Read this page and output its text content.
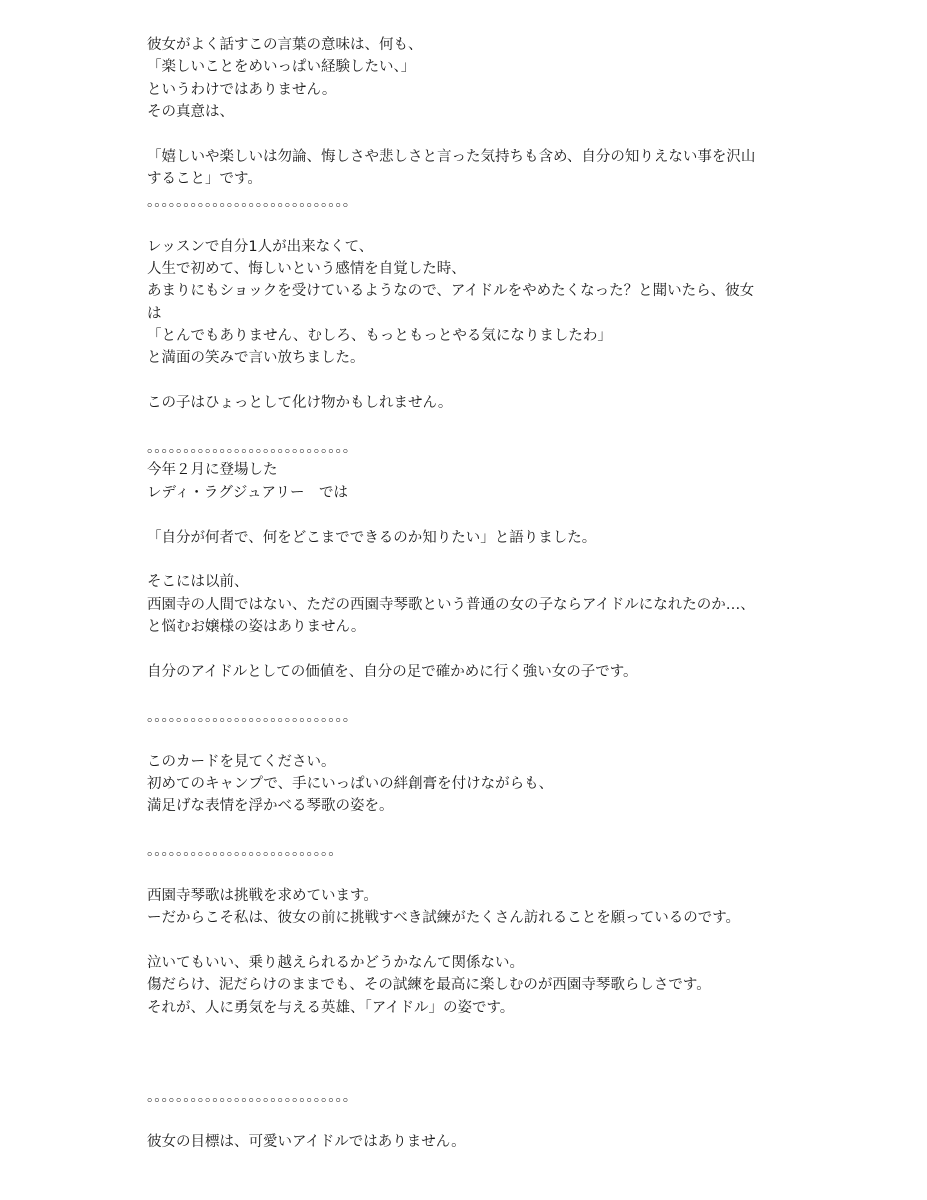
彼女がよく話すこの言葉の意味は、何も、
「楽しいことをめいっぱい経験したい、」
というわけではありません。
その真意は、
「嬉しいや楽しいは勿論、悔しさや悲しさと言った気持ちも含め、自分の知りえない事を沢山
すること」です。
。。。。。。。。。。。。。。。。。。。。。。。。。。。。
レッスンで自分1人が出来なくて、
人生で初めて、悔しいという感情を自覚した時、
あまりにもショックを受けているようなので、アイドルをやめたくなった？と聞いたら、彼女
は
「とんでもありません、むしろ、もっともっとやる気になりましたわ」
と満面の笑みで言い放ちました。
この子はひょっとして化け物かもしれません。
。。。。。。。。。。。。。。。。。。。。。。。。。。。。
今年２月に登場した
レディ・ラグジュアリー　では
「自分が何者で、何をどこまでできるのか知りたい」と語りました。
そこには以前、
西園寺の人間ではない、ただの西園寺琴歌という普通の女の子ならアイドルになれたのか…、
と悩むお嬢様の姿はありません。
自分のアイドルとしての価値を、自分の足で確かめに行く強い女の子です。
。。。。。。。。。。。。。。。。。。。。。。。。。。。。
このカードを見てください。
初めてのキャンプで、手にいっぱいの絆創膏を付けながらも、
満足げな表情を浮かべる琴歌の姿を。
。。。。。。。。。。。。。。。。。。。。。。。。。。
西園寺琴歌は挑戦を求めています。
ーだからこそ私は、彼女の前に挑戦すべき試練がたくさん訪れることを願っているのです。
泣いてもいい、乗り越えられるかどうかなんて関係ない。
傷だらけ、泥だらけのままでも、その試練を最高に楽しむのが西園寺琴歌らしさです。
それが、人に勇気を与える英雄、「アイドル」の姿です。
。。。。。。。。。。。。。。。。。。。。。。。。。。。。
彼女の目標は、可愛いアイドルではありません。
